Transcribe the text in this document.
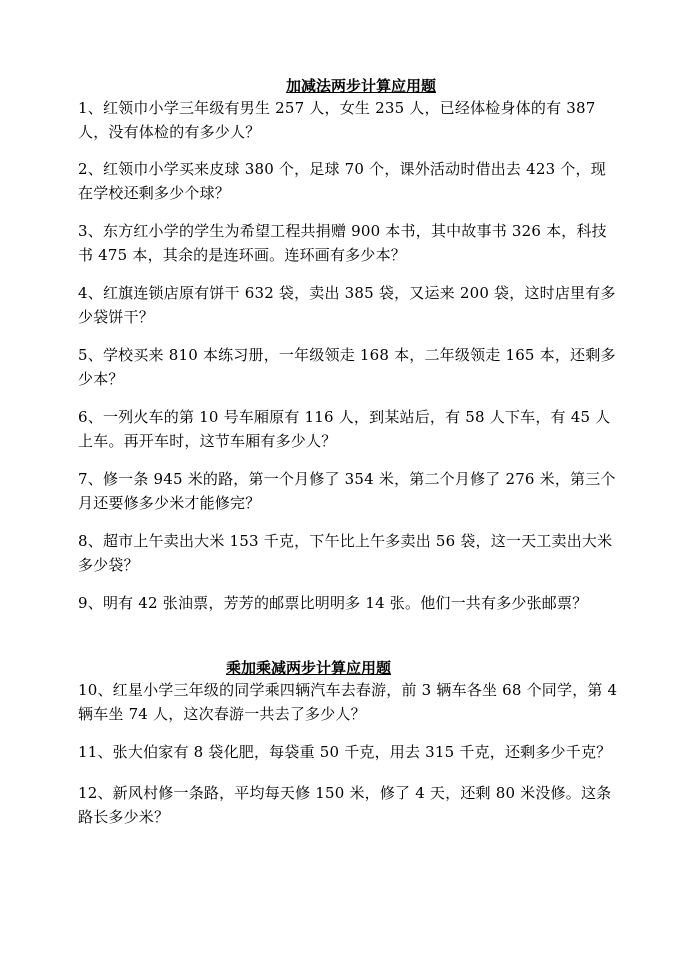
加减法两步计算应用题
1、红领巾小学三年级有男生 257 人，女生 235 人，已经体检身体的有 387 人，没有体检的有多少人？
2、红领巾小学买来皮球 380 个，足球 70 个，课外活动时借出去 423 个，现在学校还剩多少个球？
3、东方红小学的学生为希望工程共捐赠 900 本书，其中故事书 326 本，科技书 475 本，其余的是连环画。连环画有多少本？
4、红旗连锁店原有饼干 632 袋，卖出 385 袋，又运来 200 袋，这时店里有多少袋饼干？
5、学校买来 810 本练习册，一年级领走 168 本，二年级领走 165 本，还剩多少本？
6、一列火车的第 10 号车厢原有 116 人，到某站后，有 58 人下车，有 45 人上车。再开车时，这节车厢有多少人？
7、修一条 945 米的路，第一个月修了 354 米，第二个月修了 276 米，第三个月还要修多少米才能修完？
8、超市上午卖出大米 153 千克，下午比上午多卖出 56 袋，这一天工卖出大米多少袋？
9、明有 42 张油票，芳芳的邮票比明明多 14 张。他们一共有多少张邮票？
乘加乘减两步计算应用题
10、红星小学三年级的同学乘四辆汽车去春游，前 3 辆车各坐 68 个同学，第 4 辆车坐 74 人，这次春游一共去了多少人？
11、张大伯家有 8 袋化肥，每袋重 50 千克，用去 315 千克，还剩多少千克？
12、新风村修一条路，平均每天修 150 米，修了 4 天，还剩 80 米没修。这条路长多少米？
